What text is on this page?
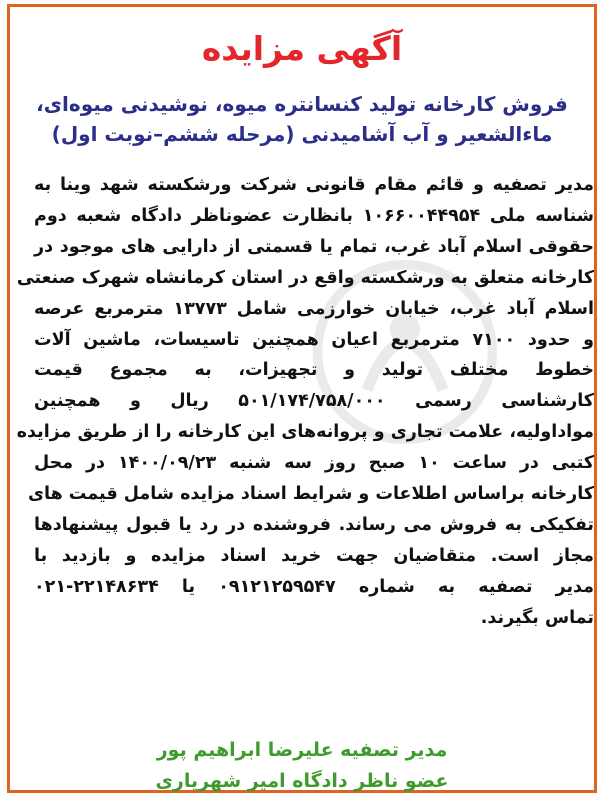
آگهی مزایده
فروش کارخانه تولید کنسانتره میوه، نوشیدنی میوه‌ای،
ماءالشعیر و آب آشامیدنی (مرحله ششم–نوبت اول)
مدیر تصفیه و قائم مقام قانونی شرکت ورشکسته شهد وینا به
شناسه ملی ۱۰۶۶۰۰۴۴۹۵۴ بانظارت عضوناظر دادگاه شعبه دوم
حقوقی اسلام آباد غرب، تمام یا قسمتی از دارایی های موجود در
کارخانه متعلق به ورشکسته واقع در استان کرمانشاه شهرک صنعتی
اسلام آباد غرب، خیابان خوارزمی شامل ۱۳۷۷۳ مترمربع عرصه
و حدود ۷۱۰۰ مترمربع اعیان همچنین تاسیسات، ماشین آلات
خطوط مختلف تولید و تجهیزات، به مجموع قیمت
کارشناسی رسمی ۵۰۱/۱۷۴/۷۵۸/۰۰۰ ریال و همچنین
مواداولیه، علامت تجاری و پروانه‌های این کارخانه را از طریق مزایده
کتبی در ساعت ۱۰ صبح روز سه شنبه ۱۴۰۰/۰۹/۲۳ در محل
کارخانه براساس اطلاعات و شرایط اسناد مزایده شامل قیمت های
تفکیکی به فروش می رساند. فروشنده در رد یا قبول پیشنهادها
مجاز است. متقاضیان جهت خرید اسناد مزایده و بازدید با
مدیر تصفیه به شماره ۰۹۱۲۱۲۵۹۵۴۷ یا ۲۲۱۴۸۶۳۴-۰۲۱
تماس بگیرند.
مدیر تصفیه علیرضا ابراهیم پور
عضو ناظر دادگاه امیر شهریاری
